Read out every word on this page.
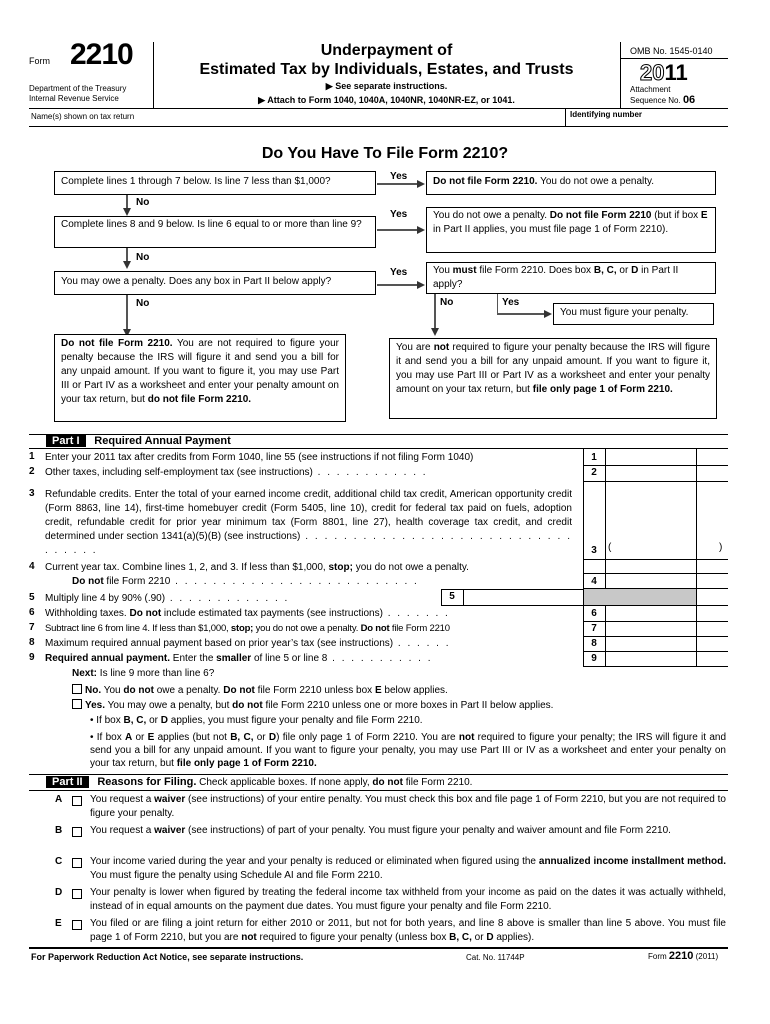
Form 2210
Department of the Treasury
Internal Revenue Service
Underpayment of
Estimated Tax by Individuals, Estates, and Trusts
▶ See separate instructions.
▶ Attach to Form 1040, 1040A, 1040NR, 1040NR-EZ, or 1041.
OMB No. 1545-0140
2011
Attachment
Sequence No. 06
Name(s) shown on tax return	Identifying number
Do You Have To File Form 2210?
Complete lines 1 through 7 below. Is line 7 less than $1,000?	Yes	Do not file Form 2210. You do not owe a penalty.
No
Complete lines 8 and 9 below. Is line 6 equal to or more than line 9?
Yes	You do not owe a penalty. Do not file Form 2210 (but if box E in Part II applies, you must file page 1 of Form 2210).
No
You may owe a penalty. Does any box in Part II below apply?
Yes	You must file Form 2210. Does box B, C, or D in Part II apply?
No	No	Yes
You must figure your penalty.
Do not file Form 2210. You are not required to figure your penalty because the IRS will figure it and send you a bill for any unpaid amount. If you want to figure it, you may use Part III or Part IV as a worksheet and enter your penalty amount on your tax return, but do not file Form 2210.
You are not required to figure your penalty because the IRS will figure it and send you a bill for any unpaid amount. If you want to figure it, you may use Part III or Part IV as a worksheet and enter your penalty amount on your tax return, but file only page 1 of Form 2210.
Part I Required Annual Payment
1 Enter your 2011 tax after credits from Form 1040, line 55 (see instructions if not filing Form 1040)	1
2 Other taxes, including self-employment tax (see instructions) . . . . . . . . . . . .	2
3 Refundable credits. Enter the total of your earned income credit, additional child tax credit, American opportunity credit (Form 8863, line 14), first-time homebuyer credit (Form 5405, line 10), credit for federal tax paid on fuels, adoption credit, refundable credit for prior year minimum tax (Form 8801, line 27), health coverage tax credit, and credit determined under section 1341(a)(5)(B) (see instructions) . . . . . . . . . . . . . . . . . . . . . . . . . . . . . . . . . .	3	(	)
4 Current year tax. Combine lines 1, 2, and 3. If less than $1,000, stop; you do not owe a penalty.
Do not file Form 2210 . . . . . . . . . . . . . . . . . . . . . . . . . .	4
5 Multiply line 4 by 90% (.90) . . . . . . . . . . . . .	5
6 Withholding taxes. Do not include estimated tax payments (see instructions) . . . . . . .	6
7 Subtract line 6 from line 4. If less than $1,000, stop; you do not owe a penalty. Do not file Form 2210	7
8 Maximum required annual payment based on prior year’s tax (see instructions) . . . . . .	8
9 Required annual payment. Enter the smaller of line 5 or line 8 . . . . . . . . . . .	9
Next: Is line 9 more than line 6?
No. You do not owe a penalty. Do not file Form 2210 unless box E below applies.
Yes. You may owe a penalty, but do not file Form 2210 unless one or more boxes in Part II below applies.
• If box B, C, or D applies, you must figure your penalty and file Form 2210.
• If box A or E applies (but not B, C, or D) file only page 1 of Form 2210. You are not required to figure your penalty; the IRS will figure it and send you a bill for any unpaid amount. If you want to figure your penalty, you may use Part III or IV as a worksheet and enter your penalty on your tax return, but file only page 1 of Form 2210.
Part II Reasons for Filing. Check applicable boxes. If none apply, do not file Form 2210.
A	You request a waiver (see instructions) of your entire penalty. You must check this box and file page 1 of Form 2210, but you are not required to figure your penalty.
B	You request a waiver (see instructions) of part of your penalty. You must figure your penalty and waiver amount and file Form 2210.
C	Your income varied during the year and your penalty is reduced or eliminated when figured using the annualized income installment method. You must figure the penalty using Schedule AI and file Form 2210.
D	Your penalty is lower when figured by treating the federal income tax withheld from your income as paid on the dates it was actually withheld, instead of in equal amounts on the payment due dates. You must figure your penalty and file Form 2210.
E	You filed or are filing a joint return for either 2010 or 2011, but not for both years, and line 8 above is smaller than line 5 above. You must file page 1 of Form 2210, but you are not required to figure your penalty (unless box B, C, or D applies).
For Paperwork Reduction Act Notice, see separate instructions.	Cat. No. 11744P	Form 2210 (2011)
